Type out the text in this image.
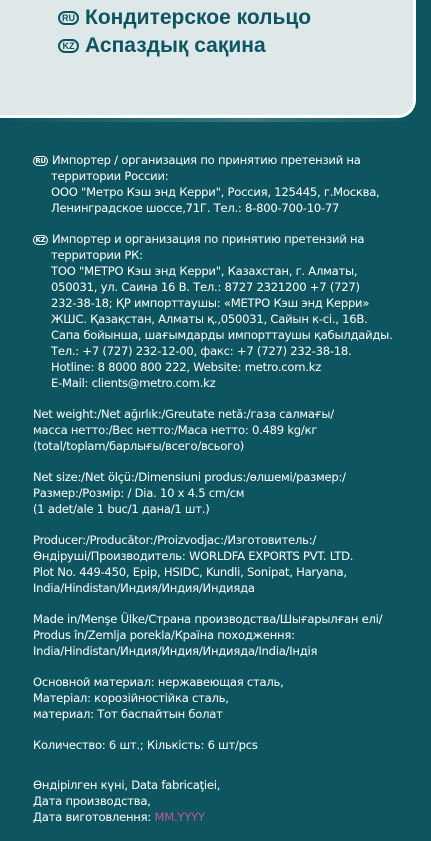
RU Кондитерское кольцо
KZ Аспаздық сақина
RU Импортер / организация по принятию претензий на
территории России:
ООО "Метро Кэш энд Керри", Россия, 125445, г.Москва,
Ленинградское шоссе,71Г. Тел.: 8-800-700-10-77
KZ Импортер и организация по принятию претензий на
территории РК:
ТОО "МЕТРО Кэш энд Керри", Казахстан, г. Алматы,
050031, ул. Саина 16 В. Тел.: 8727 2321200 +7 (727)
232-38-18; ҚР импорттаушы: «МЕТРО Кэш энд Керри»
ЖШС. Қазақстан, Алматы қ.,050031, Сайын к-сі., 16В.
Сапа бойынша, шағымдарды импорттаушы қабылдайды.
Тел.: +7 (727) 232-12-00, факс: +7 (727) 232-38-18.
Hotline: 8 8000 800 222, Website: metro.com.kz
E-Mail: clients@metro.com.kz
Net weight:/Net ağırlık:/Greutate netă:/газа салмағы/
масса нетто:/Вес нетто:/Маса нетто: 0.489 kg/кг
(total/toplam/барлығы/всего/всього)
Net size:/Net ölçü:/Dimensiuni produs:/өлшемі/размер:/
Размер:/Розмір: / Dia. 10 x 4.5 cm/см
(1 adet/ale 1 buc/1 дана/1 шт.)
Producer:/Producător:/Proizvodjac:/Изготовитель:/
Өндіруші/Производитель: WORLDFA EXPORTS PVT. LTD.
Plot No. 449-450, Epip, HSIDC, Kundli, Sonipat, Haryana,
India/Hindistan/Индия/Индия/Индиядa
Made in/Menşe Ülke/Страна производства/Шығарылған елі/
Produs în/Zemlja porekla/Країна походження:
India/Hindistan/Индия/Индия/Индиядa/India/Індія
Основной материал: нержавеющая сталь,
Матеріал: корозійностійка сталь,
материал: Тот баспайтын болат
Количество: 6 шт.; Кількість: 6 шт/pcs
Өндірілген күні, Data fabricaţiei,
Дата производства,
Дата виготовлення: MM.YYYY
